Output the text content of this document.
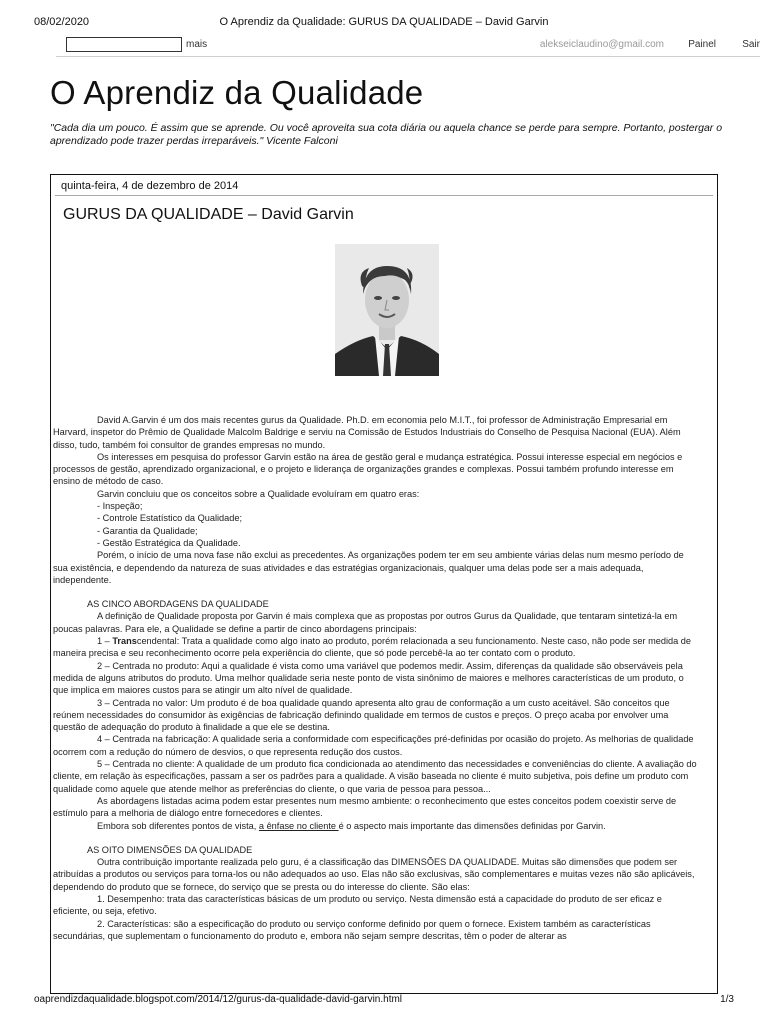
08/02/2020	O Aprendiz da Qualidade: GURUS DA QUALIDADE – David Garvin
mais	alekseiclaudino@gmail.com Painel	Sair
O Aprendiz da Qualidade

"Cada dia um pouco. É assim que se aprende. Ou você aproveita sua cota diária ou aquela chance se perde para sempre. Portanto, postergar o aprendizado pode trazer perdas irreparáveis." Vicente Falconi

quinta-feira, 4 de dezembro de 2014
GURUS DA QUALIDADE – David Garvin

David A.Garvin é um dos mais recentes gurus da Qualidade. Ph.D. em economia pelo M.I.T., foi professor de Administração Empresarial em Harvard, inspetor do Prêmio de Qualidade Malcolm Baldrige e serviu na Comissão de Estudos Industriais do Conselho de Pesquisa Nacional (EUA). Além disso, tudo, também foi consultor de grandes empresas no mundo.

Os interesses em pesquisa do professor Garvin estão na área de gestão geral e mudança estratégica. Possui interesse especial em negócios e processos de gestão, aprendizado organizacional, e o projeto e liderança de organizações grandes e complexas. Possui também profundo interesse em ensino de método de caso.

Garvin concluiu que os conceitos sobre a Qualidade evoluíram em quatro eras:

- Inspeção;

- Controle Estatístico da Qualidade;

- Garantia da Qualidade;

- Gestão Estratégica da Qualidade.

Porém, o início de uma nova fase não exclui as precedentes. As organizações podem ter em seu ambiente várias delas num mesmo período de sua existência, e dependendo da natureza de suas atividades e das estratégias organizacionais, qualquer uma delas pode ser a mais adequada, independente.

AS CINCO ABORDAGENS DA QUALIDADE

A definição de Qualidade proposta por Garvin é mais complexa que as propostas por outros Gurus da Qualidade, que tentaram sintetizá-la em poucas palavras. Para ele, a Qualidade se define a partir de cinco abordagens principais:

1 – Transcendental: Trata a qualidade como algo inato ao produto, porém relacionada a seu funcionamento. Neste caso, não pode ser medida de maneira precisa e seu reconhecimento ocorre pela experiência do cliente, que só pode percebê-la ao ter contato com o produto.

2 – Centrada no produto: Aqui a qualidade é vista como uma variável que podemos medir. Assim, diferenças da qualidade são observáveis pela medida de alguns atributos do produto. Uma melhor qualidade seria neste ponto de vista sinônimo de maiores e melhores características de um produto, o que implica em maiores custos para se atingir um alto nível de qualidade.

3 – Centrada no valor: Um produto é de boa qualidade quando apresenta alto grau de conformação a um custo aceitável. São conceitos que reúnem necessidades do consumidor às exigências de fabricação definindo qualidade em termos de custos e preços. O preço acaba por envolver uma questão de adequação do produto à finalidade a que ele se destina.

4 – Centrada na fabricação: A qualidade seria a conformidade com especificações pré-definidas por ocasião do projeto. As melhorias de qualidade ocorrem com a redução do número de desvios, o que representa redução dos custos.

5 – Centrada no cliente: A qualidade de um produto fica condicionada ao atendimento das necessidades e conveniências do cliente. A avaliação do cliente, em relação às especificações, passam a ser os padrões para a qualidade. A visão baseada no cliente é muito subjetiva, pois define um produto com qualidade como aquele que atende melhor as preferências do cliente, o que varia de pessoa para pessoa...

As abordagens listadas acima podem estar presentes num mesmo ambiente: o reconhecimento que estes conceitos podem coexistir serve de estímulo para a melhoria de diálogo entre fornecedores e clientes.

Embora sob diferentes pontos de vista, a ênfase no cliente é o aspecto mais importante das dimensões definidas por Garvin.

AS OITO DIMENSÕES DA QUALIDADE

Outra contribuição importante realizada pelo guru, é a classificação das DIMENSÕES DA QUALIDADE. Muitas são dimensões que podem ser atribuídas a produtos ou serviços para torna-los ou não adequados ao uso. Elas não são exclusivas, são complementares e muitas vezes não são aplicáveis, dependendo do produto que se fornece, do serviço que se presta ou do interesse do cliente. São elas:

1. Desempenho: trata das características básicas de um produto ou serviço. Nesta dimensão está a capacidade do produto de ser eficaz e eficiente, ou seja, efetivo.

2. Características: são a especificação do produto ou serviço conforme definido por quem o fornece. Existem também as características secundárias, que suplementam o funcionamento do produto e, embora não sejam sempre descritas, têm o poder de alterar as

oaprendizdaqualidade.blogspot.com/2014/12/gurus-da-qualidade-david-garvin.html	1/3
